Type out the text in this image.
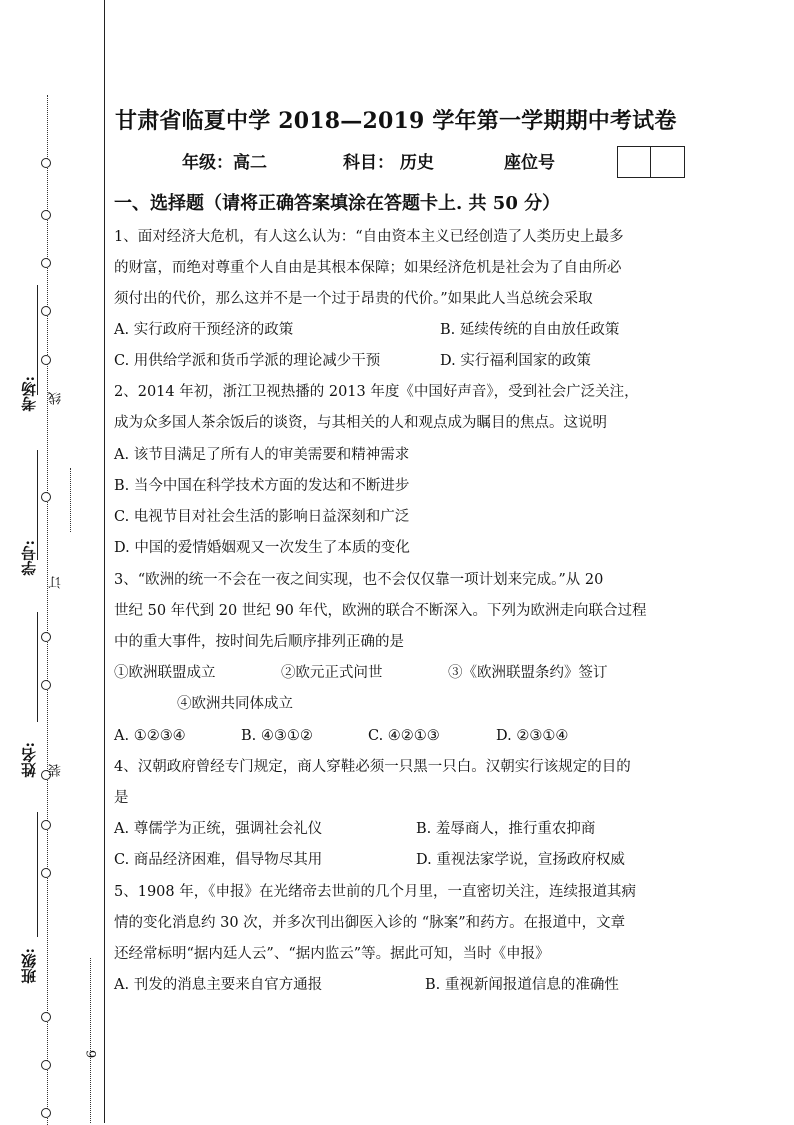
考场: 线
学号:
订
姓名: 装
班级:
6
甘肃省临夏中学 2018—2019 学年第一学期期中考试卷
年级：高二	科目： 历史	座位号
一、选择题（请将正确答案填涂在答题卡上. 共 50 分）
1、面对经济大危机，有人这么认为：“自由资本主义已经创造了人类历史上最多
的财富，而绝对尊重个人自由是其根本保障；如果经济危机是社会为了自由所必
须付出的代价，那么这并不是一个过于昂贵的代价。”如果此人当总统会采取
A. 实行政府干预经济的政策	B. 延续传统的自由放任政策
C. 用供给学派和货币学派的理论减少干预	D. 实行福利国家的政策
2、2014 年初，浙江卫视热播的 2013 年度《中国好声音》，受到社会广泛关注，
成为众多国人茶余饭后的谈资，与其相关的人和观点成为瞩目的焦点。这说明
A. 该节目满足了所有人的审美需要和精神需求
B. 当今中国在科学技术方面的发达和不断进步
C. 电视节目对社会生活的影响日益深刻和广泛
D. 中国的爱情婚姻观又一次发生了本质的变化
3、“欧洲的统一不会在一夜之间实现，也不会仅仅靠一项计划来完成。”从 20
世纪 50 年代到 20 世纪 90 年代，欧洲的联合不断深入。下列为欧洲走向联合过程
中的重大事件，按时间先后顺序排列正确的是
①欧洲联盟成立	②欧元正式问世	③《欧洲联盟条约》签订
④欧洲共同体成立
A. ①②③④	B. ④③①②	C. ④②①③	D. ②③①④
4、汉朝政府曾经专门规定，商人穿鞋必须一只黑一只白。汉朝实行该规定的目的
是
A. 尊儒学为正统，强调社会礼仪	B. 羞辱商人，推行重农抑商
C. 商品经济困难，倡导物尽其用	D. 重视法家学说，宣扬政府权威
5、1908 年，《申报》在光绪帝去世前的几个月里，一直密切关注，连续报道其病
情的变化消息约 30 次，并多次刊出御医入诊的 “脉案”和药方。在报道中，文章
还经常标明“据内廷人云”、“据内监云”等。据此可知，当时《申报》
A. 刊发的消息主要来自官方通报	B. 重视新闻报道信息的准确性
